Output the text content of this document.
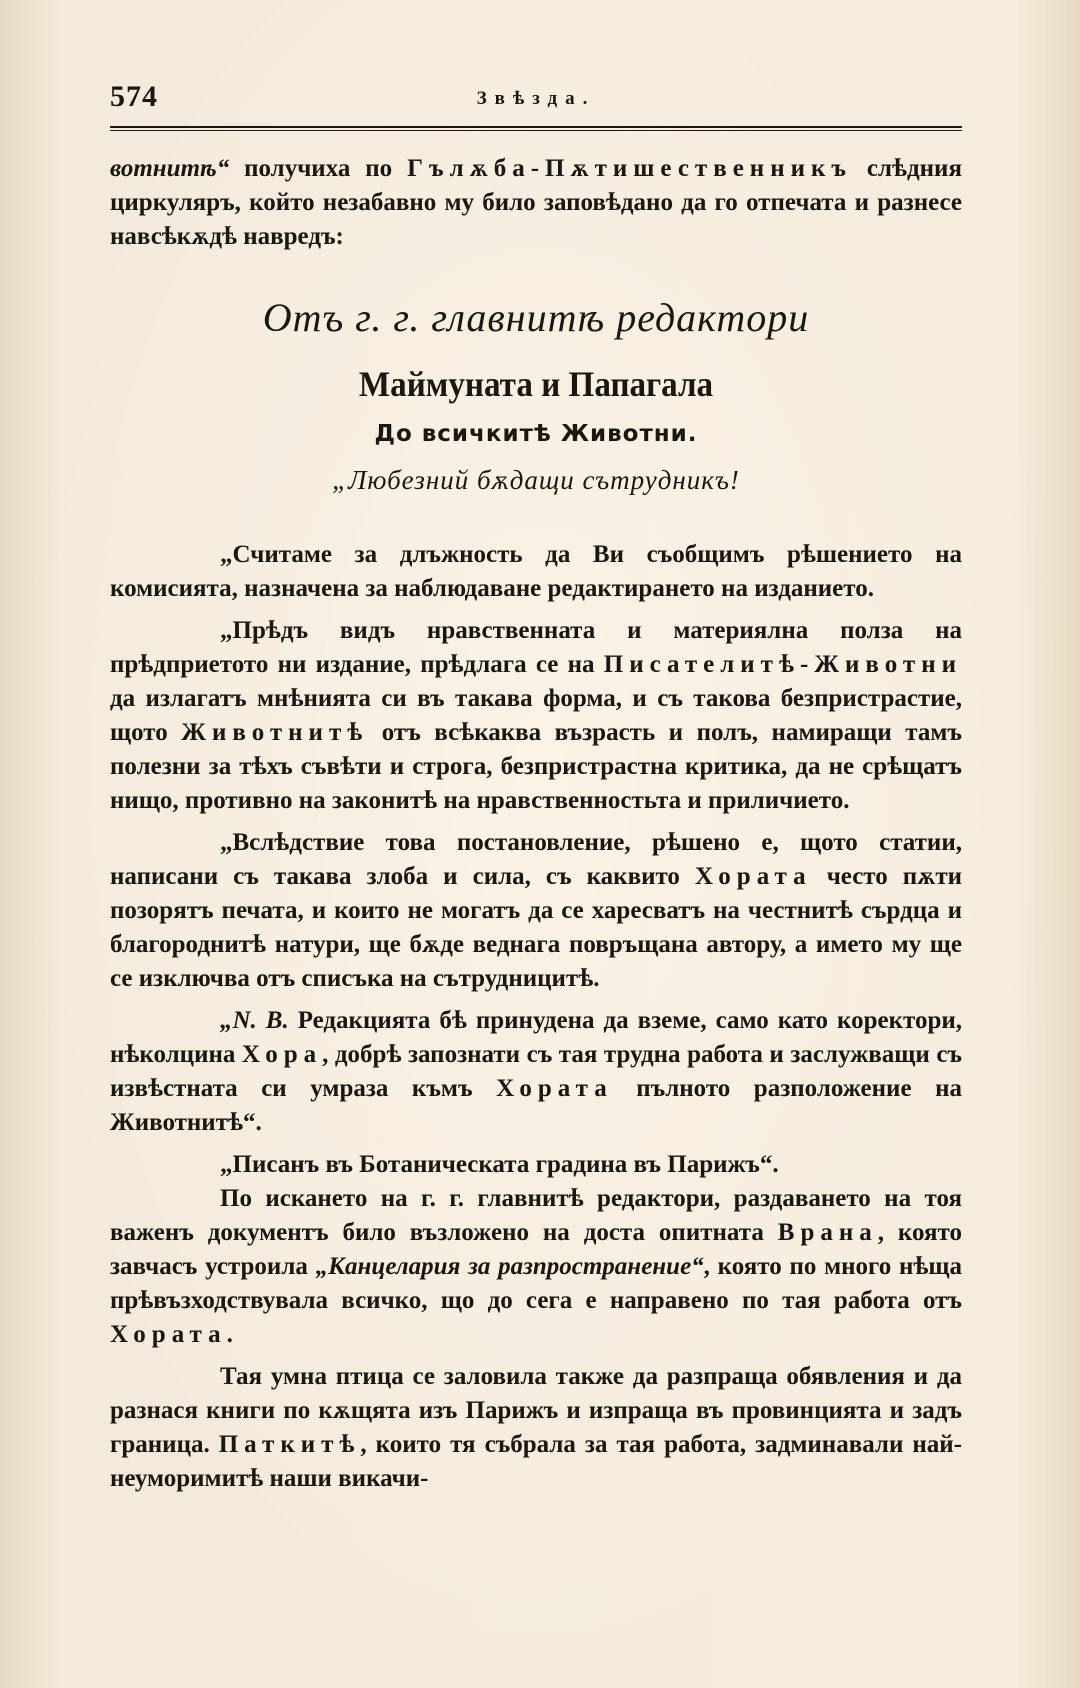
574	Звѣзда.

вотнитѣ“ получиха по Гълѫба-Пѫтишественникъ слѣдния циркуляръ, който незабавно му било заповѣдано да го отпечата и разнесе навсѣкѫдѣ навредъ:

Отъ г. г. главнитѣ редактори
Маймуната и Папагала
До всичкитѣ Животни.
„Любезний бѫдащи сътрудникъ!

„Считаме за длъжность да Ви съобщимъ рѣшението на комисията, назначена за наблюдаване редактирането на изданието.

„Прѣдъ видъ нравственната и материялна полза на прѣдприетото ни издание, прѣдлага се на Писателитѣ-Животни да излагатъ мнѣнията си въ такава форма, и съ такова безпристрастие, щото Животнитѣ отъ всѣкаква възрасть и полъ, намиращи тамъ полезни за тѣхъ съвѣти и строга, безпристрастна критика, да не срѣщатъ нищо, противно на законитѣ на нравственностьта и приличието.

„Вслѣдствие това постановление, рѣшено е, щото статии, написани съ такава злоба и сила, съ каквито Хората често пѫти позорятъ печата, и които не могатъ да се харесватъ на честнитѣ сърдца и благороднитѣ натури, ще бѫде веднага повръщана автору, а името му ще се изключва отъ списъка на сътрудницитѣ.

„N. B. Редакцията бѣ принудена да вземе, само като коректори, нѣколцина Хора, добрѣ запознати съ тая трудна работа и заслужващи съ извѣстната си умраза къмъ Хората пълното разположение на Животнитѣ“.

„Писанъ въ Ботаническата градина въ Парижъ“.

По искането на г. г. главнитѣ редактори, раздаването на тоя важенъ документъ било възложено на доста опитната Врана, която завчасъ устроила „Канцелария за разпространение“, която по много нѣща прѣвъзходствувала всичко, що до сега е направено по тая работа отъ Хората.

Тая умна птица се заловила также да разпраща обявления и да разнася книги по кѫщята изъ Парижъ и изпраща въ провинцията и задъ граница. Паткитѣ, които тя събрала за тая работа, задминавали най-неуморимитѣ наши викачи-
